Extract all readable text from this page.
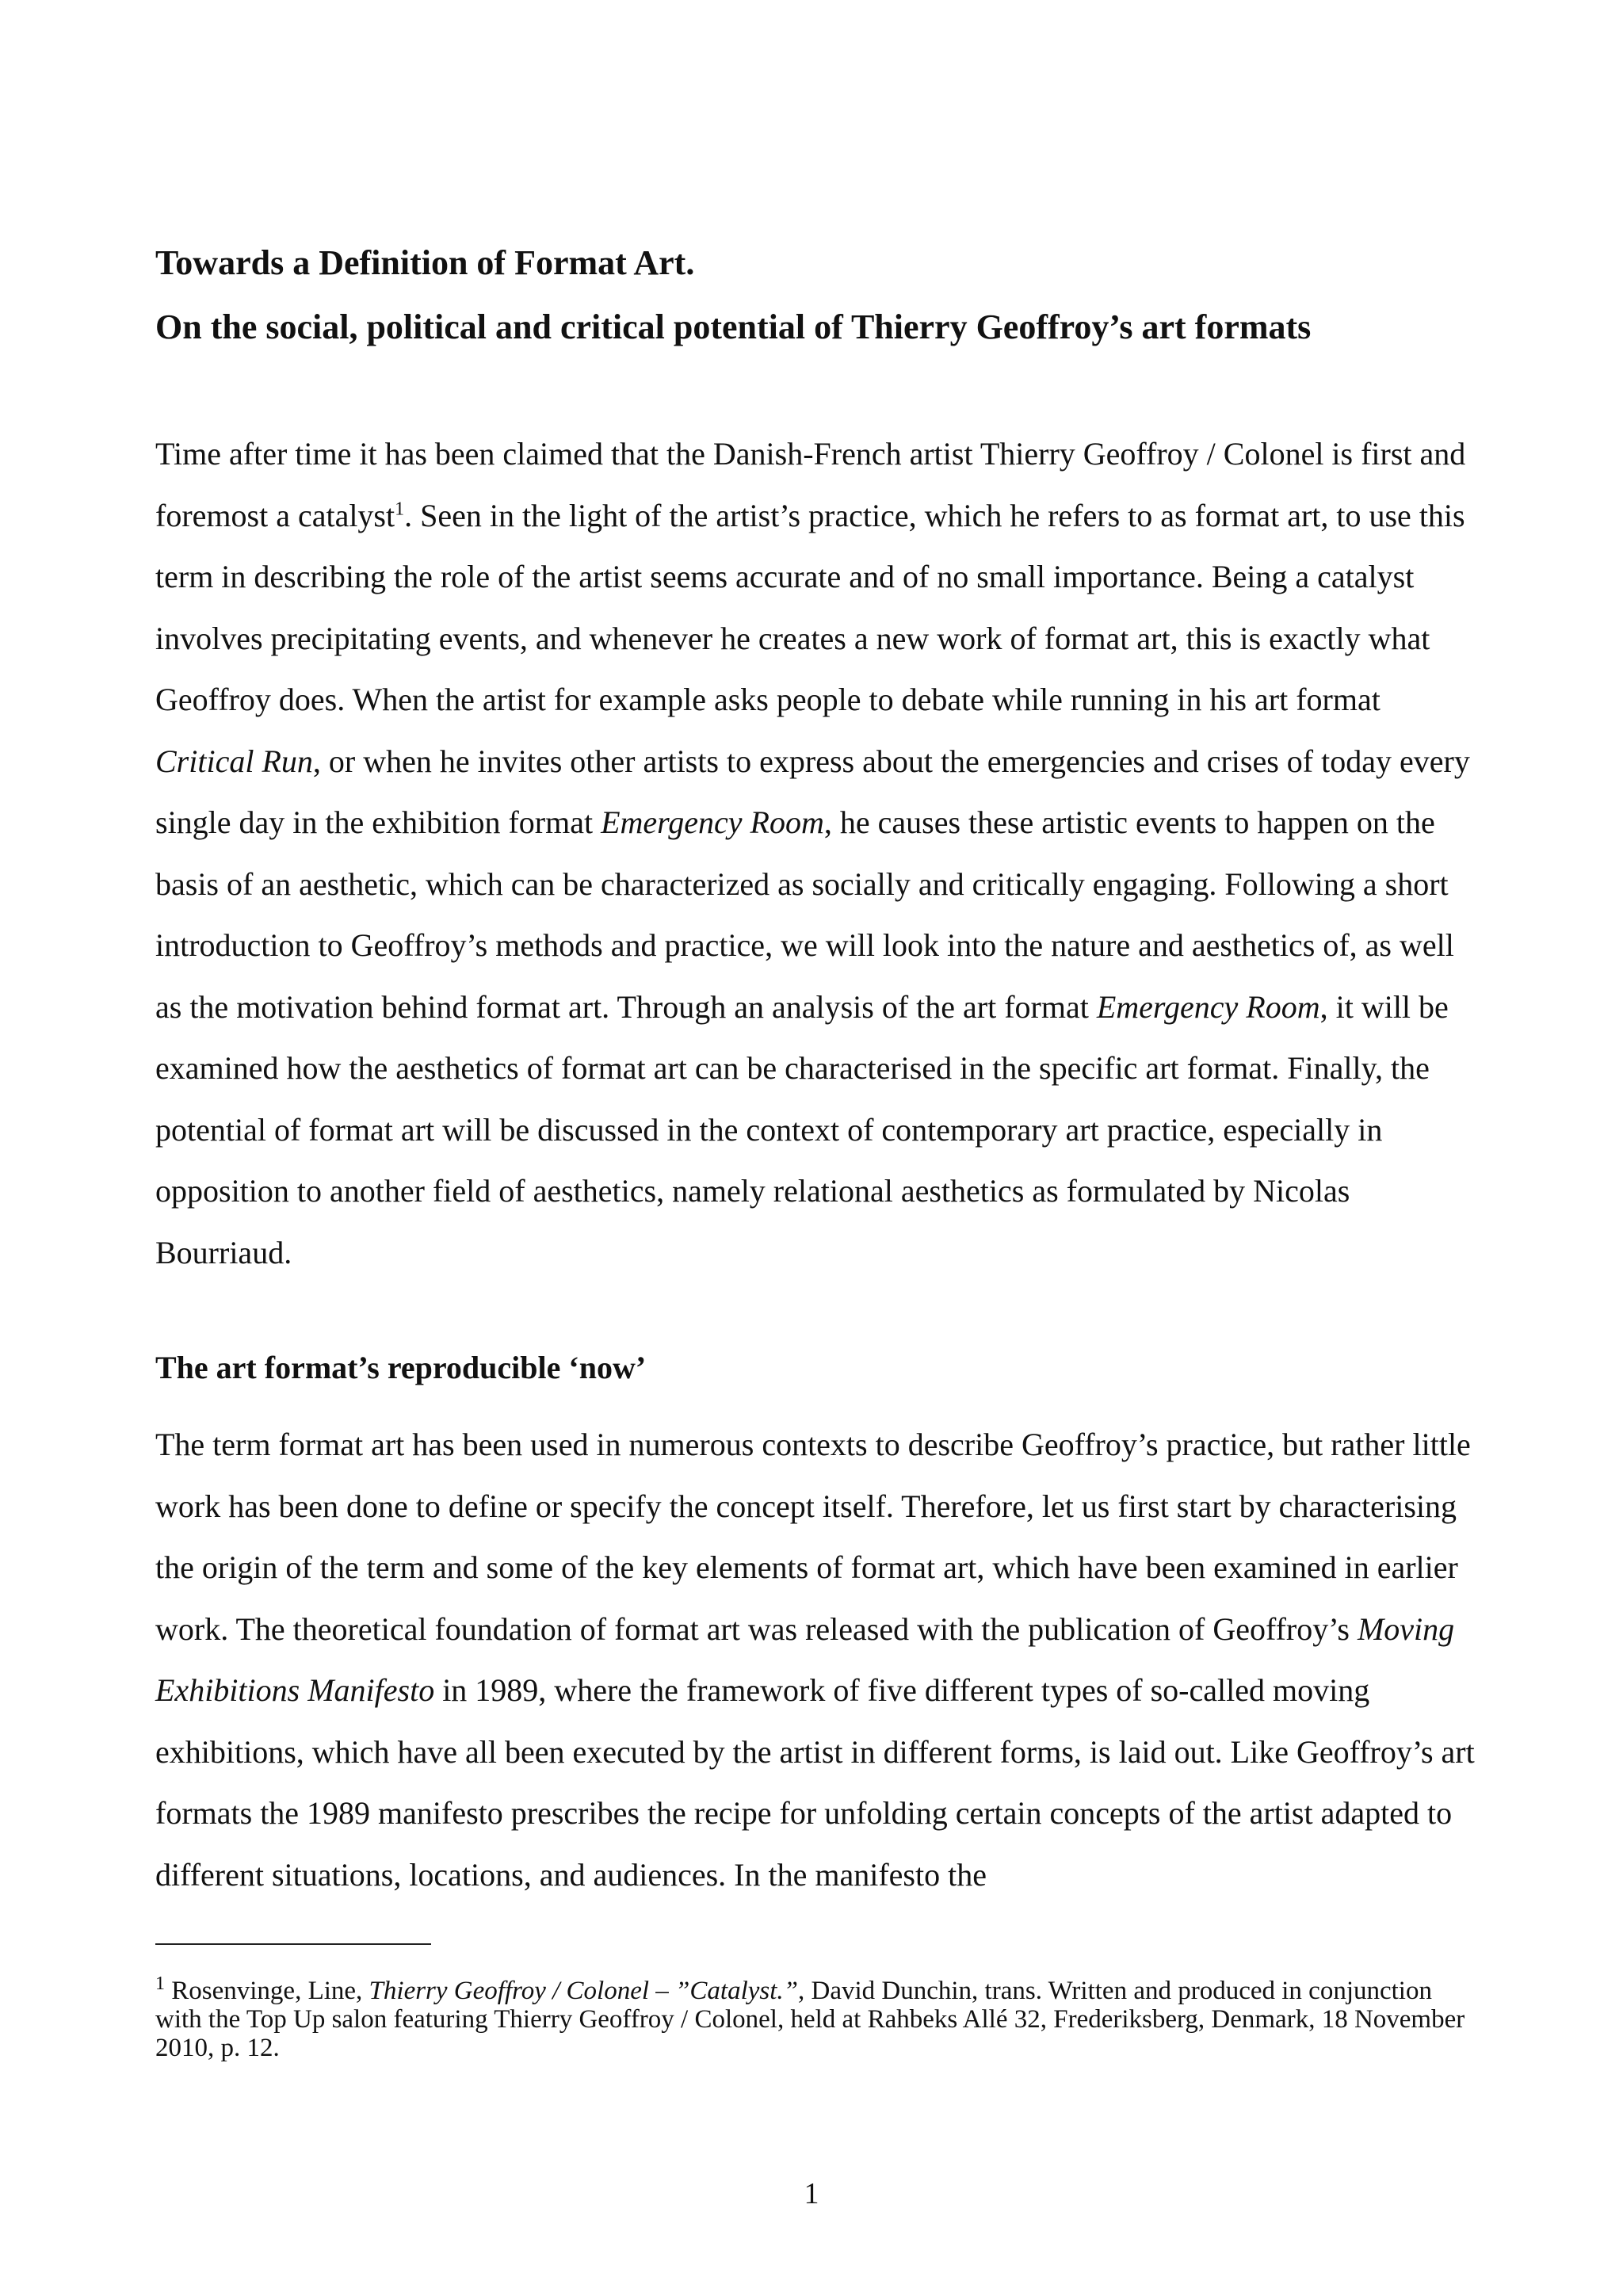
Towards a Definition of Format Art.
On the social, political and critical potential of Thierry Geoffroy’s art formats

Time after time it has been claimed that the Danish-French artist Thierry Geoffroy / Colonel is first and foremost a catalyst$^1$. Seen in the light of the artist’s practice, which he refers to as format art, to use this term in describing the role of the artist seems accurate and of no small importance. Being a catalyst involves precipitating events, and whenever he creates a new work of format art, this is exactly what Geoffroy does. When the artist for example asks people to debate while running in his art format Critical Run, or when he invites other artists to express about the emergencies and crises of today every single day in the exhibition format Emergency Room, he causes these artistic events to happen on the basis of an aesthetic, which can be characterized as socially and critically engaging. Following a short introduction to Geoffroy’s methods and practice, we will look into the nature and aesthetics of, as well as the motivation behind format art. Through an analysis of the art format Emergency Room, it will be examined how the aesthetics of format art can be characterised in the specific art format. Finally, the potential of format art will be discussed in the context of contemporary art practice, especially in opposition to another field of aesthetics, namely relational aesthetics as formulated by Nicolas Bourriaud.

The art format’s reproducible ‘now’

The term format art has been used in numerous contexts to describe Geoffroy’s practice, but rather little work has been done to define or specify the concept itself. Therefore, let us first start by characterising the origin of the term and some of the key elements of format art, which have been examined in earlier work. The theoretical foundation of format art was released with the publication of Geoffroy’s Moving Exhibitions Manifesto in 1989, where the framework of five different types of so-called moving exhibitions, which have all been executed by the artist in different forms, is laid out. Like Geoffroy’s art formats the 1989 manifesto prescribes the recipe for unfolding certain concepts of the artist adapted to different situations, locations, and audiences. In the manifesto the

$^1$ Rosenvinge, Line, Thierry Geoffroy / Colonel – ”Catalyst.”, David Dunchin, trans. Written and produced in conjunction with the Top Up salon featuring Thierry Geoffroy / Colonel, held at Rahbeks Allé 32, Frederiksberg, Denmark, 18 November 2010, p. 12.

1
